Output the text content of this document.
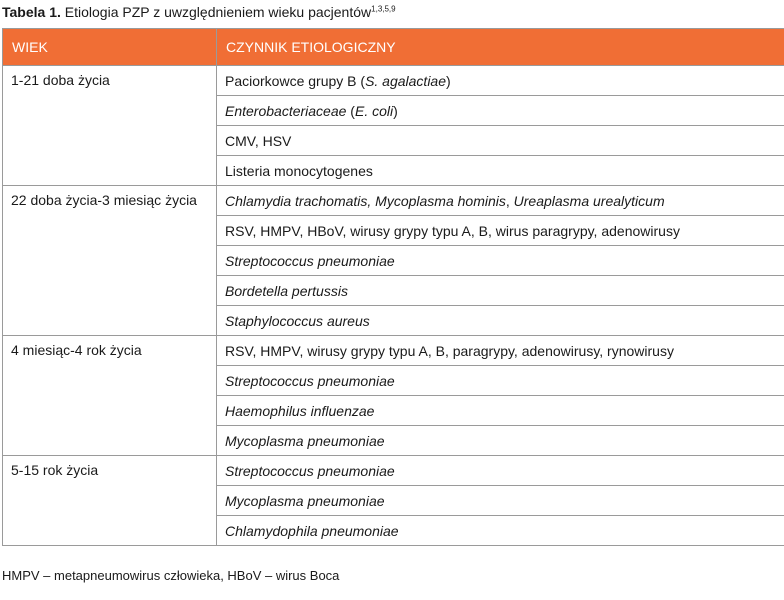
Tabela 1. Etiologia PZP z uwzględnieniem wieku pacjentów$^{1,3,5,9}$
WIEK	CZYNNIK ETIOLOGICZNY
1-21 doba życia	Paciorkowce grupy B (S. agalactiae)
	Enterobacteriaceae (E. coli)
	CMV, HSV
	Listeria monocytogenes
22 doba życia-3 miesiąc życia	Chlamydia trachomatis, Mycoplasma hominis, Ureaplasma urealyticum
	RSV, HMPV, HBoV, wirusy grypy typu A, B, wirus paragrypy, adenowirusy
	Streptococcus pneumoniae
	Bordetella pertussis
	Staphylococcus aureus
4 miesiąc-4 rok życia	RSV, HMPV, wirusy grypy typu A, B, paragrypy, adenowirusy, rynowirusy
	Streptococcus pneumoniae
	Haemophilus influenzae
	Mycoplasma pneumoniae
5-15 rok życia	Streptococcus pneumoniae
	Mycoplasma pneumoniae
	Chlamydophila pneumoniae
HMPV – metapneumowirus człowieka, HBoV – wirus Boca
